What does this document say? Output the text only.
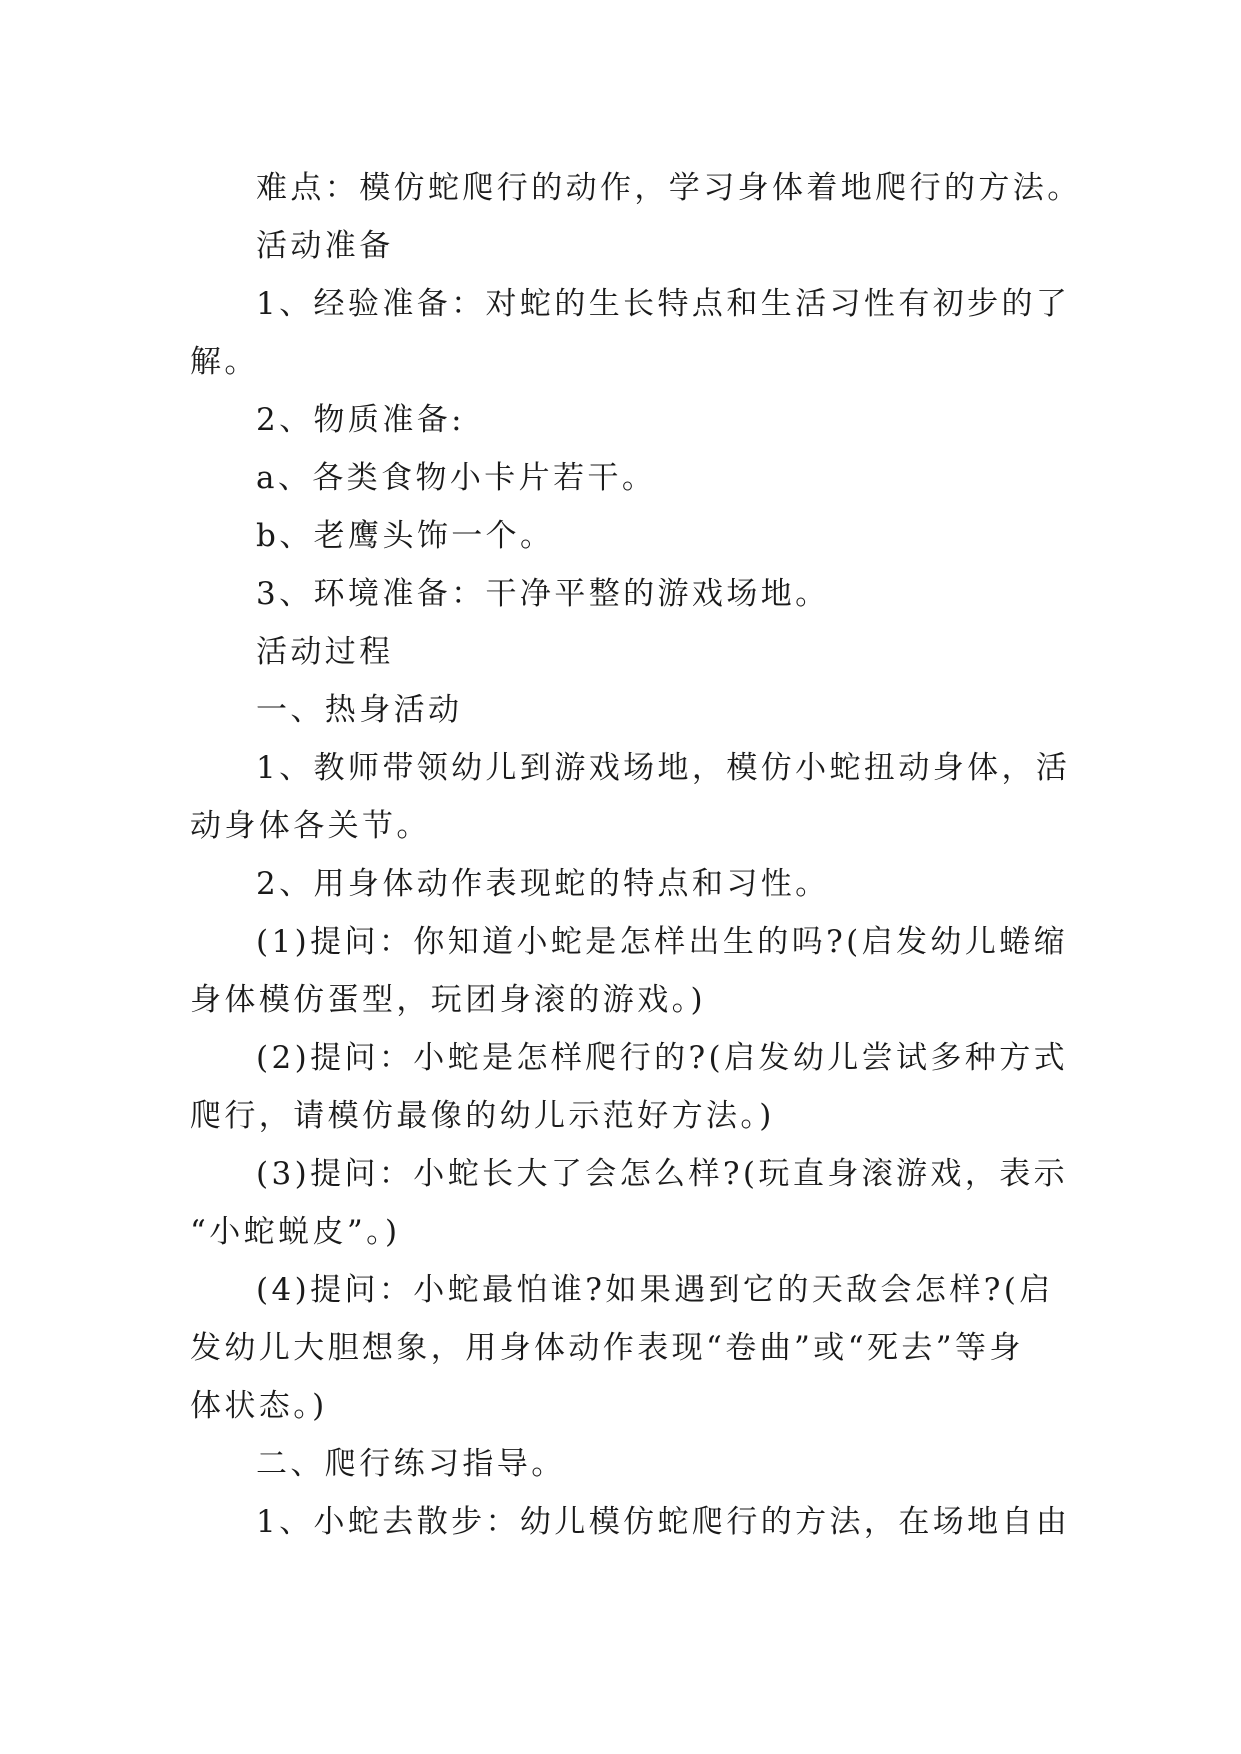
难点：模仿蛇爬行的动作，学习身体着地爬行的方法。
活动准备
1、经验准备：对蛇的生长特点和生活习性有初步的了
解。
2、物质准备:
a、各类食物小卡片若干。
b、老鹰头饰一个。
3、环境准备：干净平整的游戏场地。
活动过程
一、热身活动
1、教师带领幼儿到游戏场地，模仿小蛇扭动身体，活
动身体各关节。
2、用身体动作表现蛇的特点和习性。
(1)提问：你知道小蛇是怎样出生的吗?(启发幼儿蜷缩
身体模仿蛋型，玩团身滚的游戏。)
(2)提问：小蛇是怎样爬行的?(启发幼儿尝试多种方式
爬行，请模仿最像的幼儿示范好方法。)
(3)提问：小蛇长大了会怎么样?(玩直身滚游戏，表示
“小蛇蜕皮”。)
(4)提问：小蛇最怕谁?如果遇到它的天敌会怎样?(启
发幼儿大胆想象，用身体动作表现“卷曲”或“死去”等身
体状态。)
二、爬行练习指导。
1、小蛇去散步：幼儿模仿蛇爬行的方法，在场地自由
